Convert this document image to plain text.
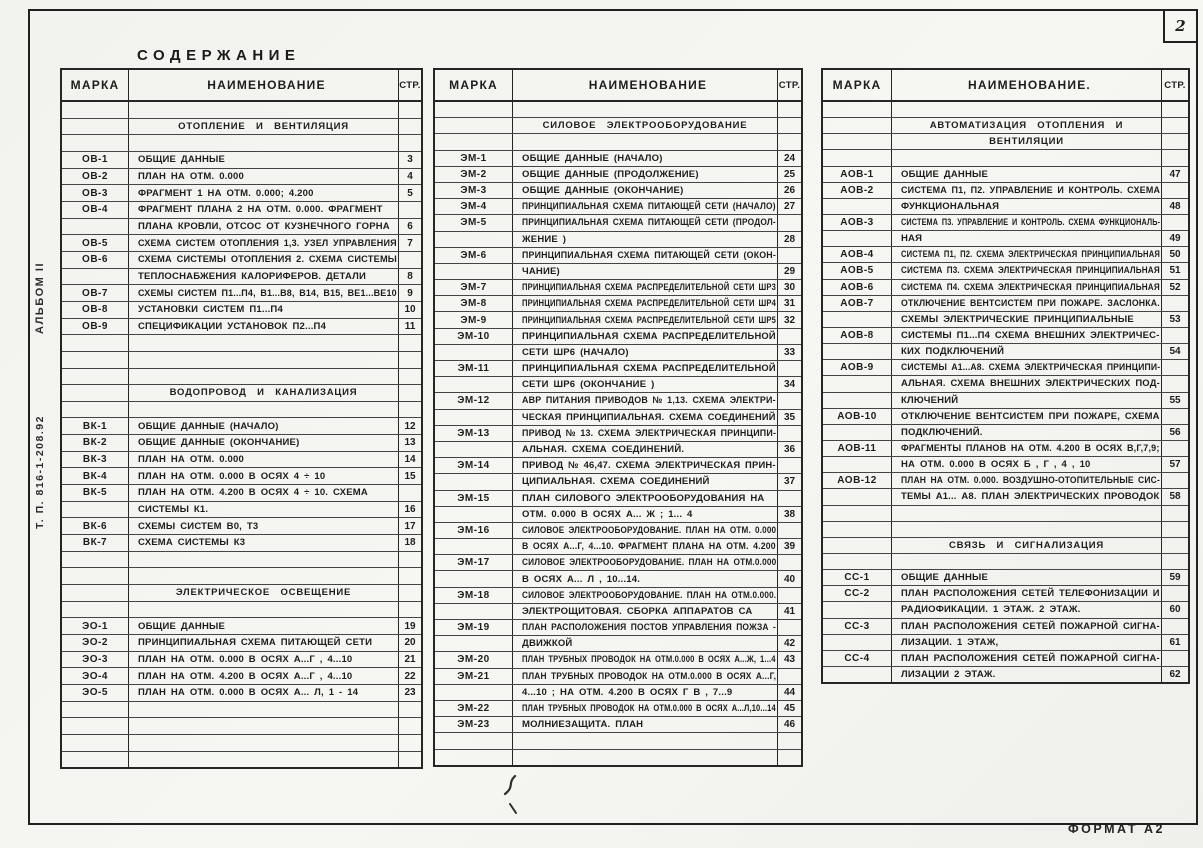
2
СОДЕРЖАНИЕ
АЛЬБОМ II
Т. П. 816-1-208.92
МАРКА	НАИМЕНОВАНИЕ	СТР.
ОТОПЛЕНИЕ И ВЕНТИЛЯЦИЯ
ОВ-1	ОБЩИЕ ДАННЫЕ	3
ОВ-2	ПЛАН НА ОТМ. 0.000	4
ОВ-3	ФРАГМЕНТ 1 НА ОТМ. 0.000; 4.200	5
ОВ-4	ФРАГМЕНТ ПЛАНА 2 НА ОТМ. 0.000. ФРАГМЕНТ
ПЛАНА КРОВЛИ, ОТСОС ОТ КУЗНЕЧНОГО ГОРНА 6
ОВ-5	СХЕМА СИСТЕМ ОТОПЛЕНИЯ 1,3. УЗЕЛ УПРАВЛЕНИЯ 7
ОВ-6	СХЕМА СИСТЕМЫ ОТОПЛЕНИЯ 2. СХЕМА СИСТЕМЫ
ТЕПЛОСНАБЖЕНИЯ КАЛОРИФЕРОВ. ДЕТАЛИ	8
ОВ-7	СХЕМЫ СИСТЕМ П1...П4, В1...В8, В14, В15, ВЕ1...ВЕ10 9
ОВ-8	УСТАНОВКИ СИСТЕМ П1...П4	10
ОВ-9	СПЕЦИФИКАЦИИ УСТАНОВОК П2...П4	11
ВОДОПРОВОД И КАНАЛИЗАЦИЯ
ВК-1	ОБЩИЕ ДАННЫЕ (НАЧАЛО)	12
ВК-2	ОБЩИЕ ДАННЫЕ (ОКОНЧАНИЕ)	13
ВК-3	ПЛАН НА ОТМ. 0.000	14
ВК-4	ПЛАН НА ОТМ. 0.000 В ОСЯХ 4 ÷ 10	15
ВК-5	ПЛАН НА ОТМ. 4.200 В ОСЯХ 4 ÷ 10. СХЕМА
СИСТЕМЫ К1.	16
ВК-6	СХЕМЫ СИСТЕМ В0, Т3	17
ВК-7	СХЕМА СИСТЕМЫ К3	18
ЭЛЕКТРИЧЕСКОЕ ОСВЕЩЕНИЕ
ЭО-1	ОБЩИЕ ДАННЫЕ	19
ЭО-2	ПРИНЦИПИАЛЬНАЯ СХЕМА ПИТАЮЩЕЙ СЕТИ	20
ЭО-3	ПЛАН НА ОТМ. 0.000 В ОСЯХ А...Г , 4...10	21
ЭО-4	ПЛАН НА ОТМ. 4.200 В ОСЯХ А...Г , 4...10	22
ЭО-5	ПЛАН НА ОТМ. 0.000 В ОСЯХ А... Л, 1 - 14	23
МАРКА	НАИМЕНОВАНИЕ	СТР.
СИЛОВОЕ ЭЛЕКТРООБОРУДОВАНИЕ
ЭМ-1	ОБЩИЕ ДАННЫЕ (НАЧАЛО)	24
ЭМ-2	ОБЩИЕ ДАННЫЕ (ПРОДОЛЖЕНИЕ)	25
ЭМ-3	ОБЩИЕ ДАННЫЕ (ОКОНЧАНИЕ)	26
ЭМ-4	ПРИНЦИПИАЛЬНАЯ СХЕМА ПИТАЮЩЕЙ СЕТИ (НАЧАЛО) 27
ЭМ-5	ПРИНЦИПИАЛЬНАЯ СХЕМА ПИТАЮЩЕЙ СЕТИ (ПРОДОЛ-
ЖЕНИЕ )	28
ЭМ-6	ПРИНЦИПИАЛЬНАЯ СХЕМА ПИТАЮЩЕЙ СЕТИ (ОКОН-
ЧАНИЕ)	29
ЭМ-7	ПРИНЦИПИАЛЬНАЯ СХЕМА РАСПРЕДЕЛИТЕЛЬНОЙ СЕТИ ШР3 30
ЭМ-8	ПРИНЦИПИАЛЬНАЯ СХЕМА РАСПРЕДЕЛИТЕЛЬНОЙ СЕТИ ШР4 31
ЭМ-9	ПРИНЦИПИАЛЬНАЯ СХЕМА РАСПРЕДЕЛИТЕЛЬНОЙ СЕТИ ШР5 32
ЭМ-10	ПРИНЦИПИАЛЬНАЯ СХЕМА РАСПРЕДЕЛИТЕЛЬНОЙ
СЕТИ ШР6 (НАЧАЛО)	33
ЭМ-11	ПРИНЦИПИАЛЬНАЯ СХЕМА РАСПРЕДЕЛИТЕЛЬНОЙ
СЕТИ ШР6 (ОКОНЧАНИЕ )	34
ЭМ-12	АВР ПИТАНИЯ ПРИВОДОВ № 1,13. СХЕМА ЭЛЕКТРИ-
ЧЕСКАЯ ПРИНЦИПИАЛЬНАЯ. СХЕМА СОЕДИНЕНИЙ 35
ЭМ-13	ПРИВОД № 13. СХЕМА ЭЛЕКТРИЧЕСКАЯ ПРИНЦИПИ-
АЛЬНАЯ. СХЕМА СОЕДИНЕНИЙ.	36
ЭМ-14	ПРИВОД № 46,47. СХЕМА ЭЛЕКТРИЧЕСКАЯ ПРИН-
ЦИПИАЛЬНАЯ. СХЕМА СОЕДИНЕНИЙ	37
ЭМ-15	ПЛАН СИЛОВОГО ЭЛЕКТРООБОРУДОВАНИЯ НА
ОТМ. 0.000 В ОСЯХ А... Ж ; 1... 4	38
ЭМ-16	СИЛОВОЕ ЭЛЕКТРООБОРУДОВАНИЕ. ПЛАН НА ОТМ. 0.000
В ОСЯХ А...Г, 4...10. ФРАГМЕНТ ПЛАНА НА ОТМ. 4.200 39
ЭМ-17	СИЛОВОЕ ЭЛЕКТРООБОРУДОВАНИЕ. ПЛАН НА ОТМ.0.000
В ОСЯХ А... Л , 10...14.	40
ЭМ-18	СИЛОВОЕ ЭЛЕКТРООБОРУДОВАНИЕ. ПЛАН НА ОТМ.0.000.
ЭЛЕКТРОЩИТОВАЯ. СБОРКА АППАРАТОВ СА	41
ЭМ-19	ПЛАН РАСПОЛОЖЕНИЯ ПОСТОВ УПРАВЛЕНИЯ ПОЖЗА -
ДВИЖКОЙ	42
ЭМ-20	ПЛАН ТРУБНЫХ ПРОВОДОК НА ОТМ.0.000 В ОСЯХ А...Ж, 1...4 43
ЭМ-21	ПЛАН ТРУБНЫХ ПРОВОДОК НА ОТМ.0.000 В ОСЯХ А...Г,
4...10 ; НА ОТМ. 4.200 В ОСЯХ Г В , 7...9	44
ЭМ-22	ПЛАН ТРУБНЫХ ПРОВОДОК НА ОТМ.0.000 В ОСЯХ А...Л,10...14 45
ЭМ-23	МОЛНИЕЗАЩИТА. ПЛАН	46
МАРКА	НАИМЕНОВАНИЕ.	СТР.
АВТОМАТИЗАЦИЯ ОТОПЛЕНИЯ И
ВЕНТИЛЯЦИИ
АОВ-1	ОБЩИЕ ДАННЫЕ	47
АОВ-2	СИСТЕМА П1, П2. УПРАВЛЕНИЕ И КОНТРОЛЬ. СХЕМА
ФУНКЦИОНАЛЬНАЯ	48
АОВ-3	СИСТЕМА П3. УПРАВЛЕНИЕ И КОНТРОЛЬ. СХЕМА ФУНКЦИОНАЛЬ-
НАЯ	49
АОВ-4	СИСТЕМА П1, П2. СХЕМА ЭЛЕКТРИЧЕСКАЯ ПРИНЦИПИАЛЬНАЯ 50
АОВ-5	СИСТЕМА П3. СХЕМА ЭЛЕКТРИЧЕСКАЯ ПРИНЦИПИАЛЬНАЯ 51
АОВ-6	СИСТЕМА П4. СХЕМА ЭЛЕКТРИЧЕСКАЯ ПРИНЦИПИАЛЬНАЯ 52
АОВ-7	ОТКЛЮЧЕНИЕ ВЕНТСИСТЕМ ПРИ ПОЖАРЕ. ЗАСЛОНКА.
СХЕМЫ ЭЛЕКТРИЧЕСКИЕ ПРИНЦИПИАЛЬНЫЕ	53
АОВ-8	СИСТЕМЫ П1...П4 СХЕМА ВНЕШНИХ ЭЛЕКТРИЧЕС-
КИХ ПОДКЛЮЧЕНИЙ	54
АОВ-9	СИСТЕМЫ А1...А8. СХЕМА ЭЛЕКТРИЧЕСКАЯ ПРИНЦИПИ-
АЛЬНАЯ. СХЕМА ВНЕШНИХ ЭЛЕКТРИЧЕСКИХ ПОД-
КЛЮЧЕНИЙ	55
АОВ-10	ОТКЛЮЧЕНИЕ ВЕНТСИСТЕМ ПРИ ПОЖАРЕ, СХЕМА
ПОДКЛЮЧЕНИЙ.	56
АОВ-11	ФРАГМЕНТЫ ПЛАНОВ НА ОТМ. 4.200 В ОСЯХ В,Г,7,9;
НА ОТМ. 0.000 В ОСЯХ Б , Г , 4 , 10	57
АОВ-12	ПЛАН НА ОТМ. 0.000. ВОЗДУШНО-ОТОПИТЕЛЬНЫЕ СИС-
ТЕМЫ А1... А8. ПЛАН ЭЛЕКТРИЧЕСКИХ ПРОВОДОК 58
СВЯЗЬ И СИГНАЛИЗАЦИЯ
СС-1	ОБЩИЕ ДАННЫЕ	59
СС-2	ПЛАН РАСПОЛОЖЕНИЯ СЕТЕЙ ТЕЛЕФОНИЗАЦИИ И
РАДИОФИКАЦИИ. 1 ЭТАЖ. 2 ЭТАЖ.	60
СС-3	ПЛАН РАСПОЛОЖЕНИЯ СЕТЕЙ ПОЖАРНОЙ СИГНА-
ЛИЗАЦИИ. 1 ЭТАЖ,	61
СС-4	ПЛАН РАСПОЛОЖЕНИЯ СЕТЕЙ ПОЖАРНОЙ СИГНА-
ЛИЗАЦИИ 2 ЭТАЖ.	62
ФОРМАТ А2
